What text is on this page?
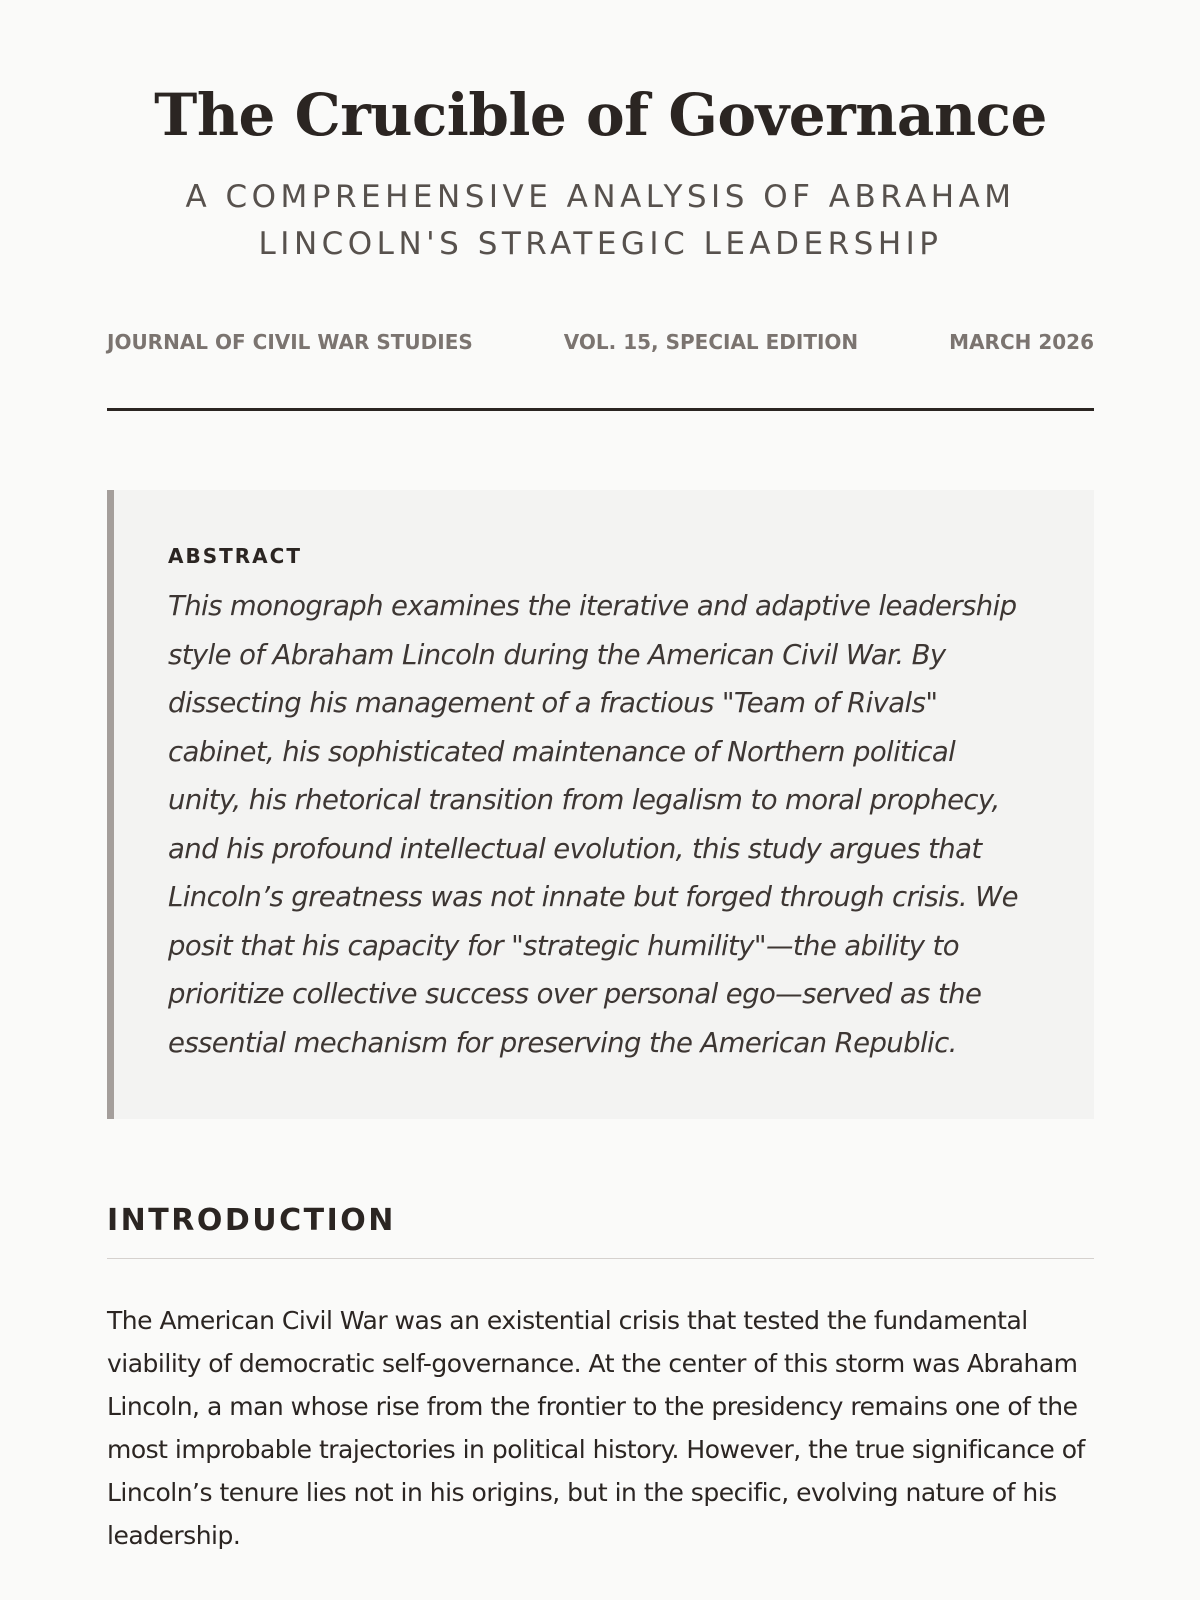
The Crucible of Governance
A COMPREHENSIVE ANALYSIS OF ABRAHAM LINCOLN'S STRATEGIC LEADERSHIP
JOURNAL OF CIVIL WAR STUDIES	VOL. 15, SPECIAL EDITION	MARCH 2026
ABSTRACT

This monograph examines the iterative and adaptive leadership style of Abraham Lincoln during the American Civil War. By dissecting his management of a fractious "Team of Rivals" cabinet, his sophisticated maintenance of Northern political unity, his rhetorical transition from legalism to moral prophecy, and his profound intellectual evolution, this study argues that Lincoln’s greatness was not innate but forged through crisis. We posit that his capacity for "strategic humility"—the ability to prioritize collective success over personal ego—served as the essential mechanism for preserving the American Republic.

INTRODUCTION

The American Civil War was an existential crisis that tested the fundamental viability of democratic self-governance. At the center of this storm was Abraham Lincoln, a man whose rise from the frontier to the presidency remains one of the most improbable trajectories in political history. However, the true significance of Lincoln’s tenure lies not in his origins, but in the specific, evolving nature of his leadership.
